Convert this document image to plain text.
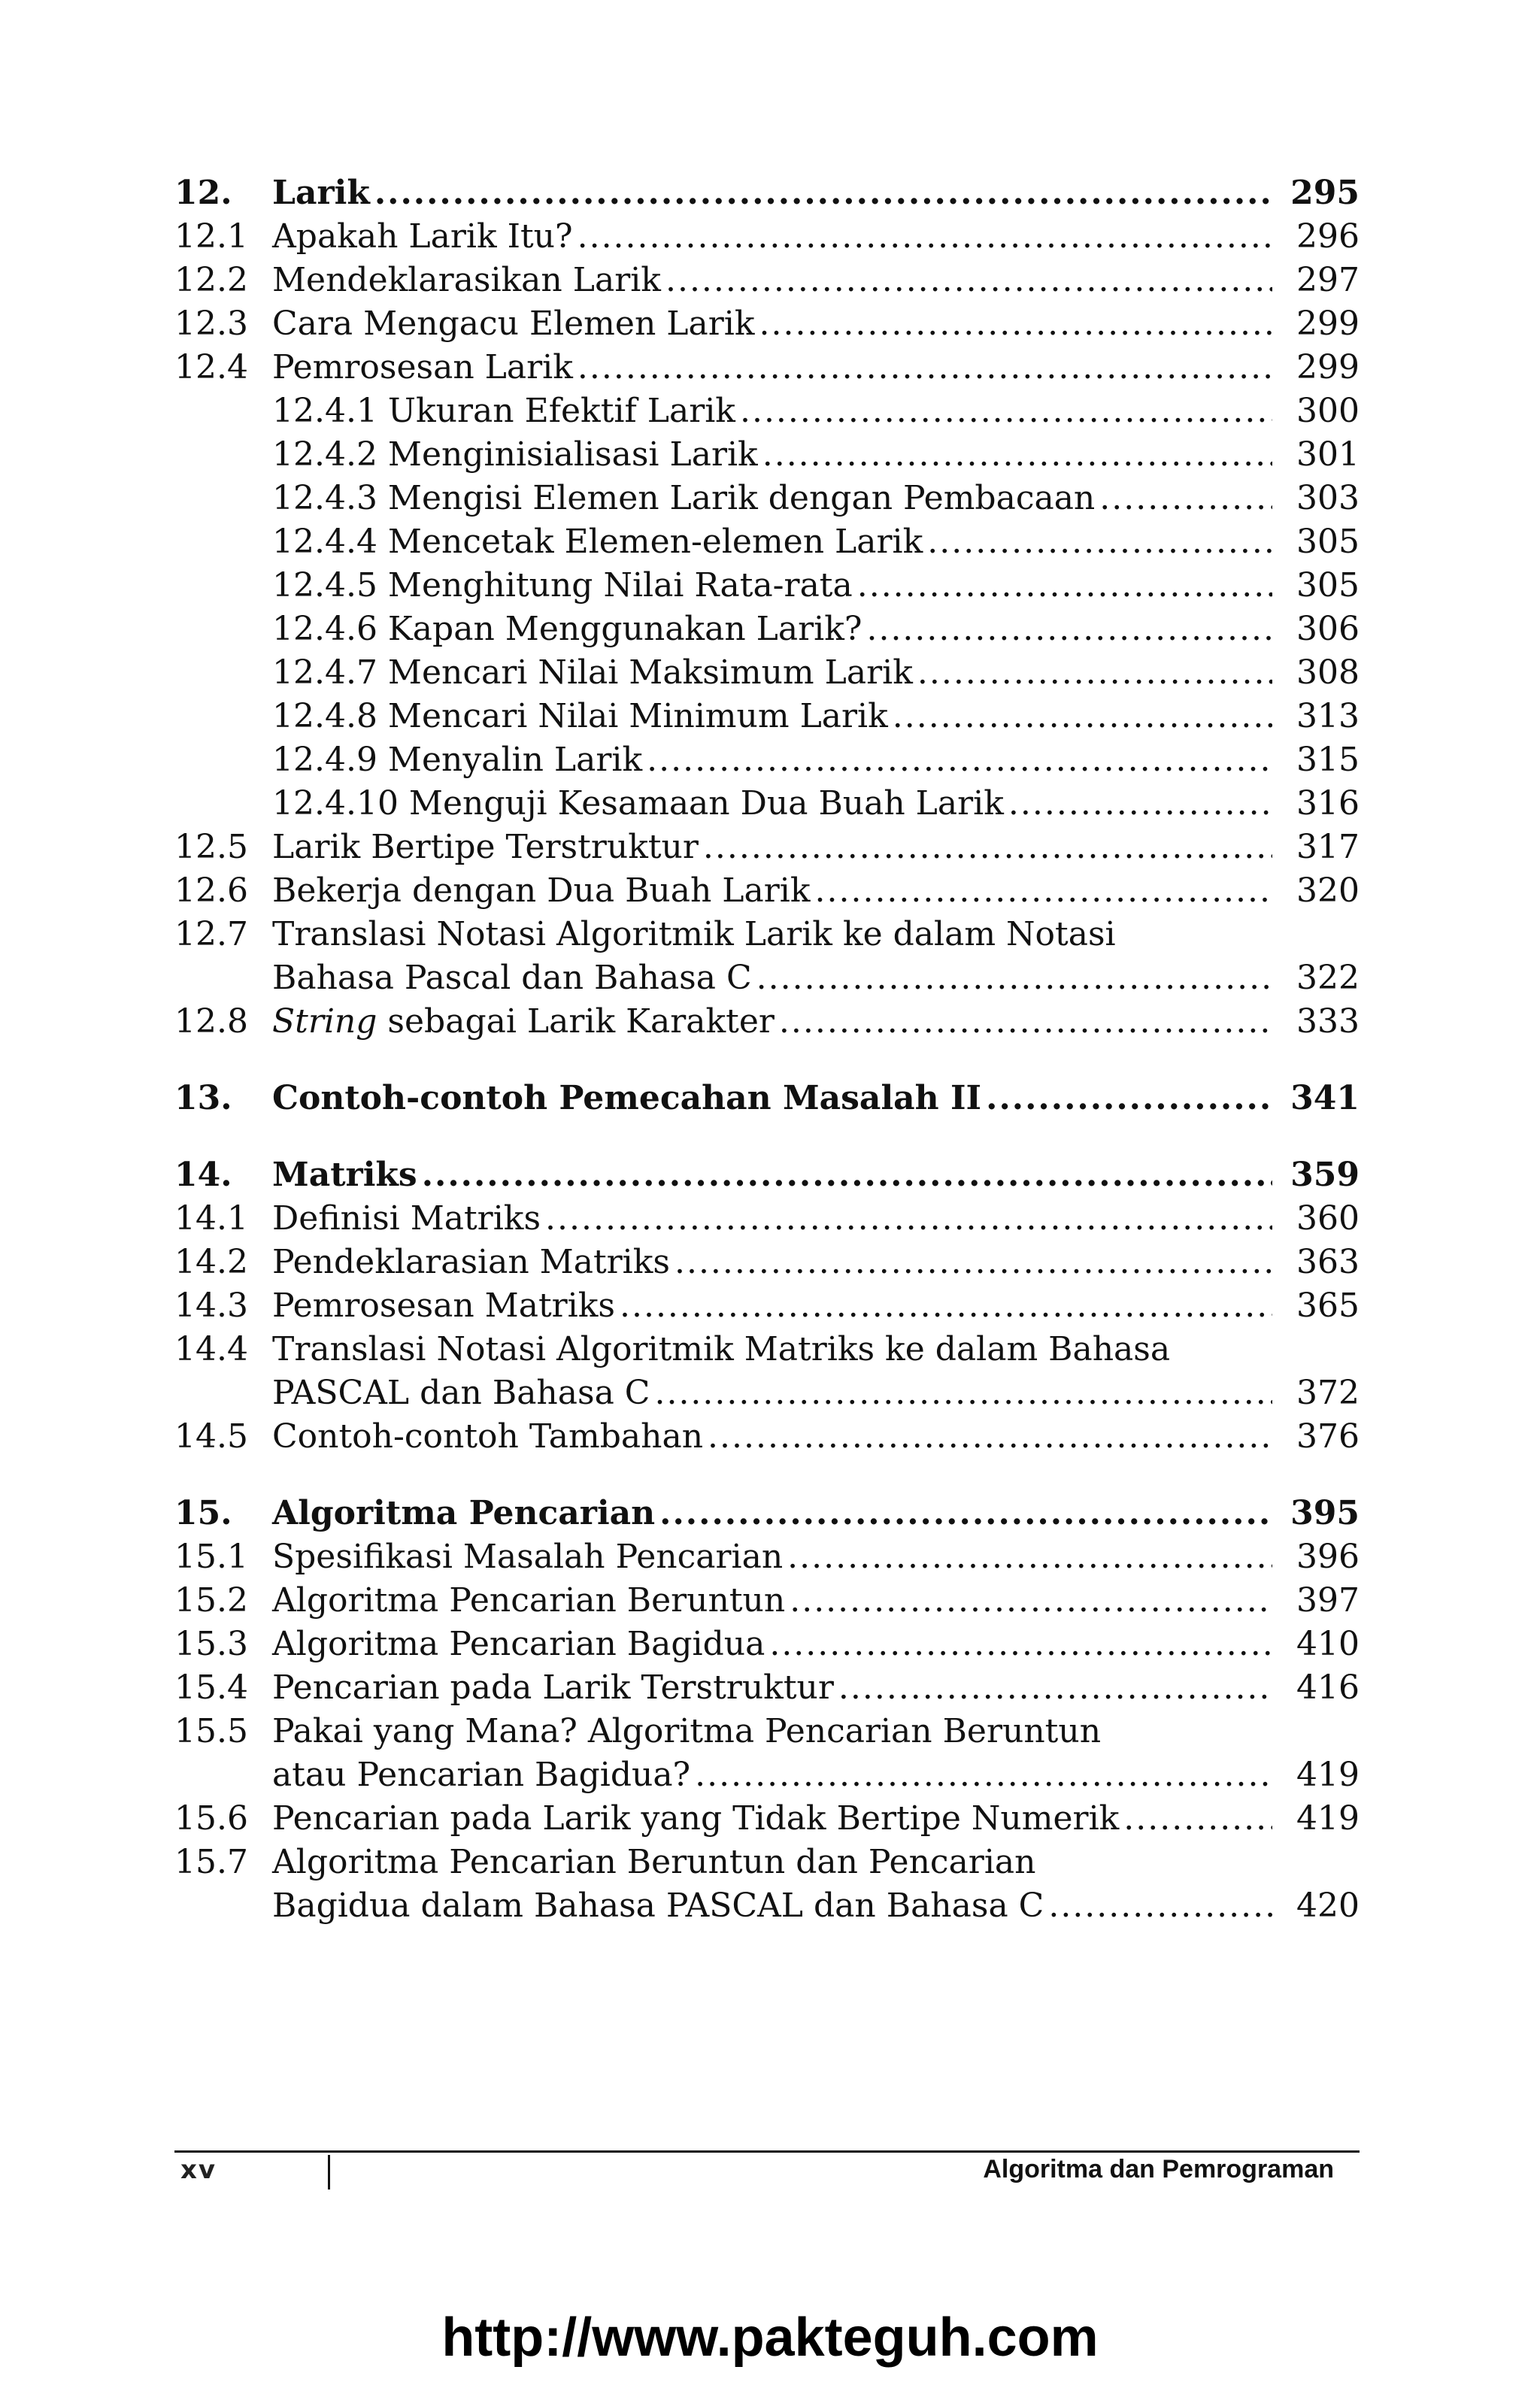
12.	Larik .....	295
12.1 Apakah Larik Itu? .....	296
12.2 Mendeklarasikan Larik .....	297
12.3 Cara Mengacu Elemen Larik .....	299
12.4 Pemrosesan Larik .....	299
12.4.1 Ukuran Efektif Larik .....	300
12.4.2 Menginisialisasi Larik .....	301
12.4.3 Mengisi Elemen Larik dengan Pembacaan .....	303
12.4.4 Mencetak Elemen-elemen Larik .....	305
12.4.5 Menghitung Nilai Rata-rata .....	305
12.4.6 Kapan Menggunakan Larik? .....	306
12.4.7 Mencari Nilai Maksimum Larik .....	308
12.4.8 Mencari Nilai Minimum Larik .....	313
12.4.9 Menyalin Larik .....	315
12.4.10 Menguji Kesamaan Dua Buah Larik .....	316
12.5 Larik Bertipe Terstruktur .....	317
12.6 Bekerja dengan Dua Buah Larik .....	320
12.7 Translasi Notasi Algoritmik Larik ke dalam Notasi
Bahasa Pascal dan Bahasa C .....	322
12.8 String sebagai Larik Karakter .....	333
13.	Contoh-contoh Pemecahan Masalah II .....	341
14.	Matriks .....	359
14.1 Definisi Matriks .....	360
14.2 Pendeklarasian Matriks .....	363
14.3 Pemrosesan Matriks .....	365
14.4 Translasi Notasi Algoritmik Matriks ke dalam Bahasa
PASCAL dan Bahasa C .....	372
14.5 Contoh-contoh Tambahan .....	376
15.	Algoritma Pencarian .....	395
15.1 Spesifikasi Masalah Pencarian .....	396
15.2 Algoritma Pencarian Beruntun .....	397
15.3 Algoritma Pencarian Bagidua .....	410
15.4 Pencarian pada Larik Terstruktur .....	416
15.5 Pakai yang Mana? Algoritma Pencarian Beruntun
atau Pencarian Bagidua? .....	419
15.6 Pencarian pada Larik yang Tidak Bertipe Numerik .....	419
15.7 Algoritma Pencarian Beruntun dan Pencarian
Bagidua dalam Bahasa PASCAL dan Bahasa C .....	420
xv	Algoritma dan Pemrograman
http://www.pakteguh.com
